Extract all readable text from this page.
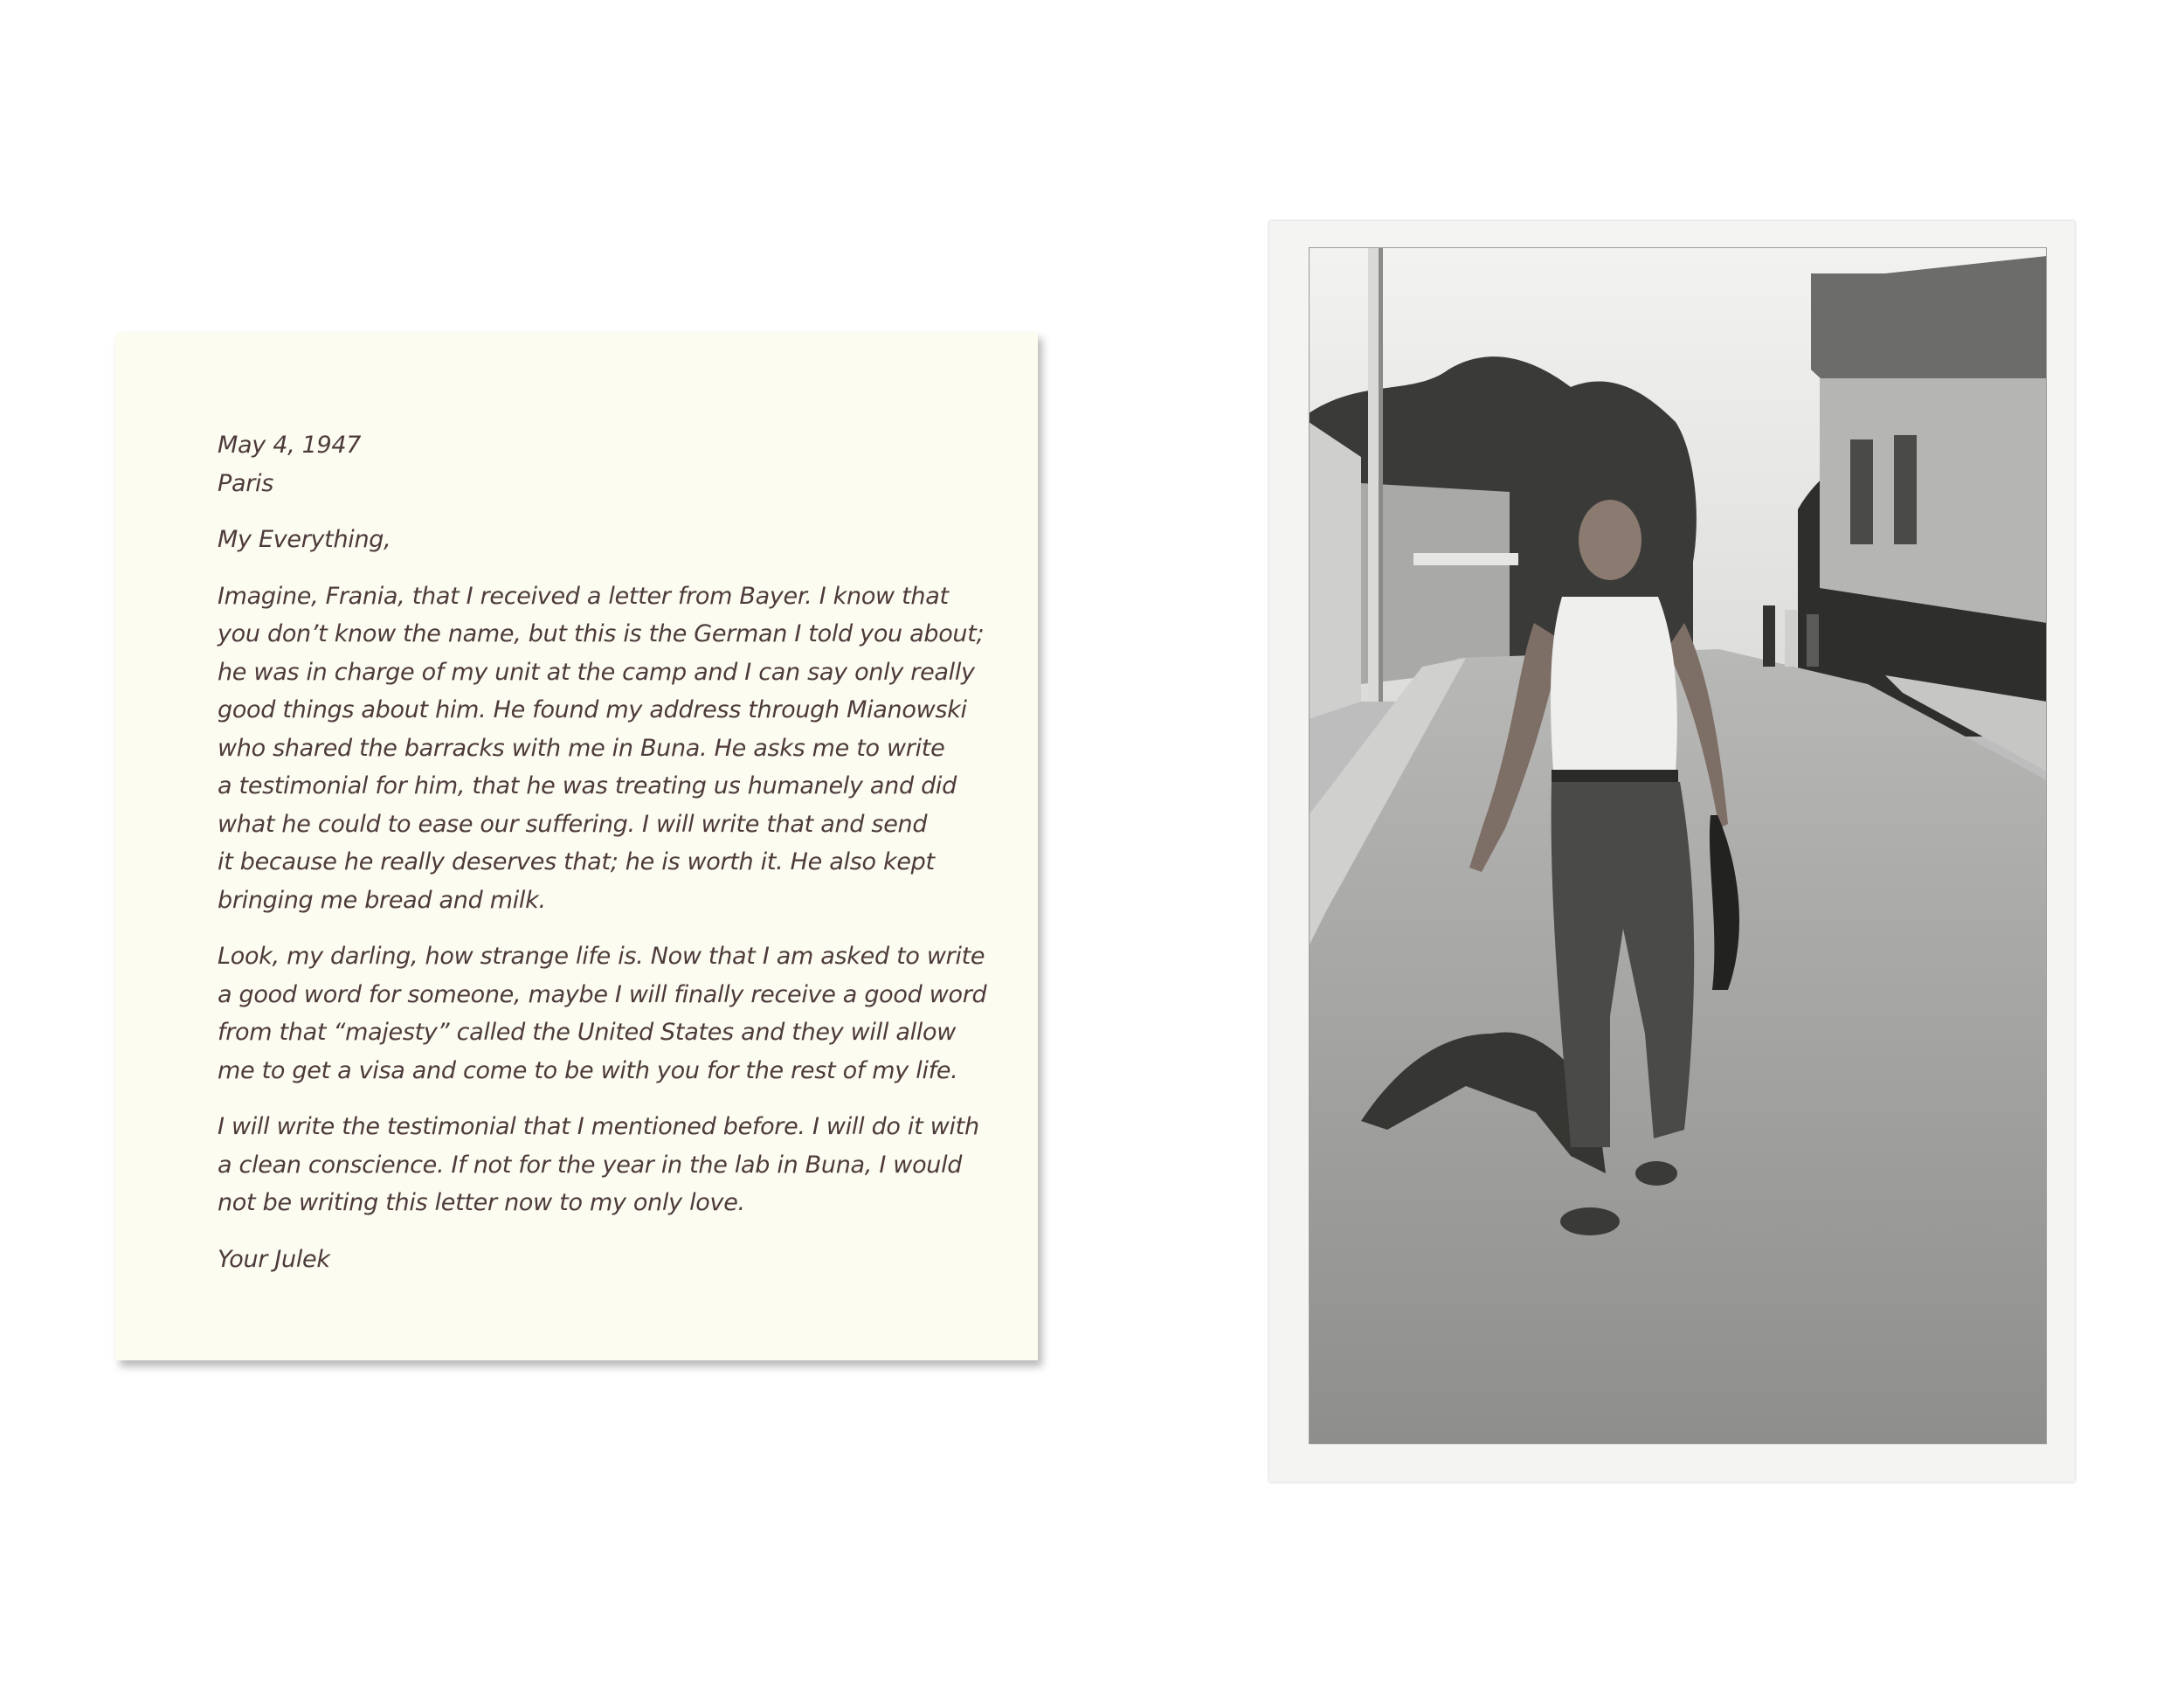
May 4, 1947
Paris
My Everything,
Imagine, Frania, that I received a letter from Bayer. I know that
you don’t know the name, but this is the German I told you about;
he was in charge of my unit at the camp and I can say only really
good things about him. He found my address through Mianowski
who shared the barracks with me in Buna. He asks me to write
a testimonial for him, that he was treating us humanely and did
what he could to ease our suffering. I will write that and send
it because he really deserves that; he is worth it. He also kept
bringing me bread and milk.
Look, my darling, how strange life is. Now that I am asked to write
a good word for someone, maybe I will finally receive a good word
from that “majesty” called the United States and they will allow
me to get a visa and come to be with you for the rest of my life.
I will write the testimonial that I mentioned before. I will do it with
a clean conscience. If not for the year in the lab in Buna, I would
not be writing this letter now to my only love.
Your Julek
